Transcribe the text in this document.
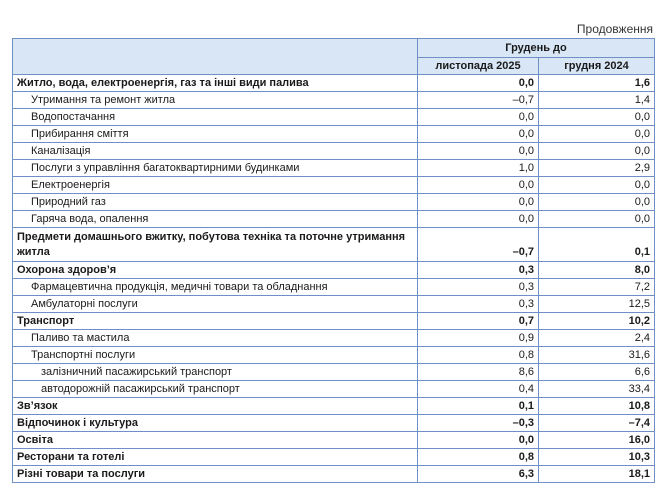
Продовження
	Грудень до	
	листопада 2025	грудня 2024
Житло, вода, електроенергія, газ та інші види палива	0,0	1,6
Утримання та ремонт житла	–0,7	1,4
Водопостачання	0,0	0,0
Прибирання сміття	0,0	0,0
Каналізація	0,0	0,0
Послуги з управління багатоквартирними будинками	1,0	2,9
Електроенергія	0,0	0,0
Природний газ	0,0	0,0
Гаряча вода, опалення	0,0	0,0
Предмети домашнього вжитку, побутова техніка та поточне утримання житла	–0,7	0,1
Охорона здоров’я	0,3	8,0
Фармацевтична продукція, медичні товари та обладнання	0,3	7,2
Амбулаторні послуги	0,3	12,5
Транспорт	0,7	10,2
Паливо та мастила	0,9	2,4
Транспортні послуги	0,8	31,6
залізничний пасажирський транспорт	8,6	6,6
автодорожній пасажирський транспорт	0,4	33,4
Зв’язок	0,1	10,8
Відпочинок і культура	–0,3	–7,4
Освіта	0,0	16,0
Ресторани та готелі	0,8	10,3
Різні товари та послуги	6,3	18,1
